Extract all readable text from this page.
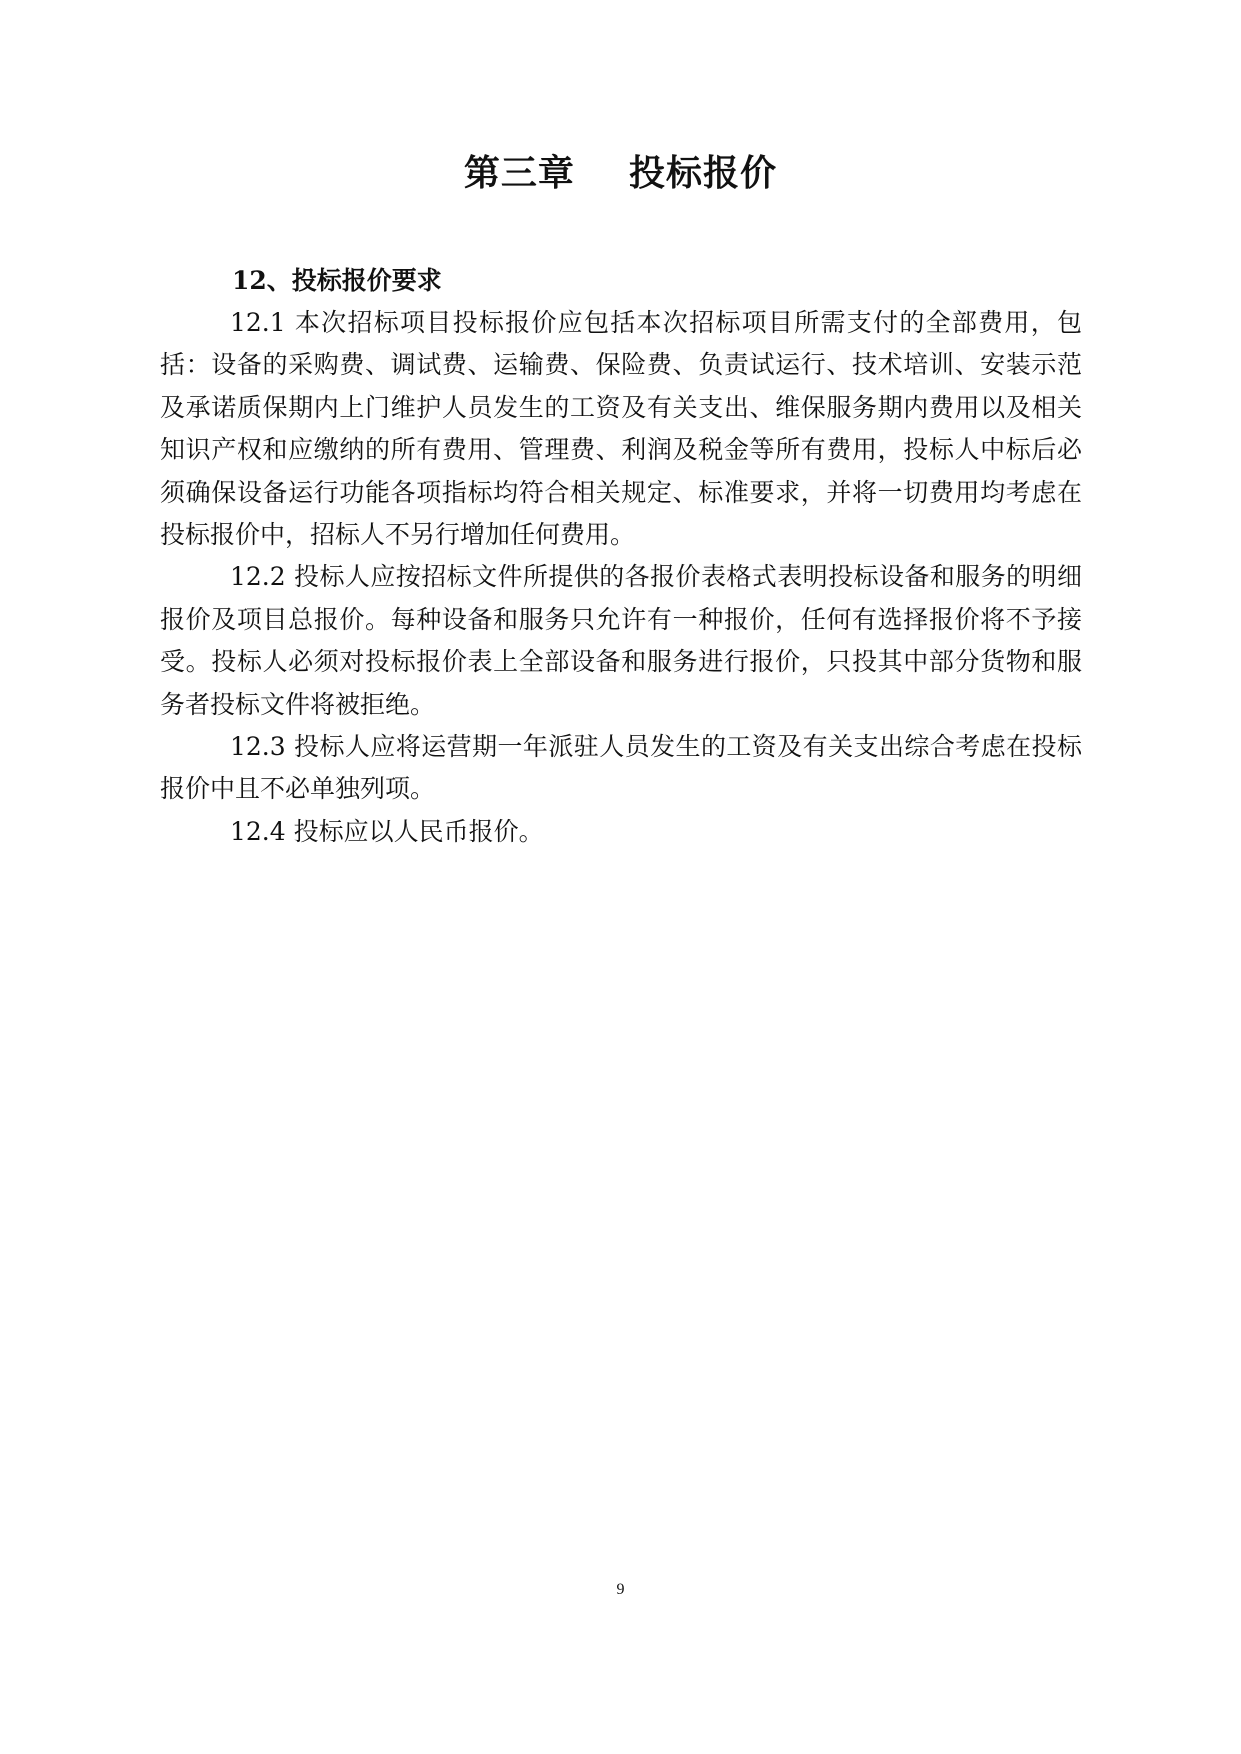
第三章    投标报价

12、投标报价要求

12.1 本次招标项目投标报价应包括本次招标项目所需支付的全部费用，包括：设备的采购费、调试费、运输费、保险费、负责试运行、技术培训、安装示范及承诺质保期内上门维护人员发生的工资及有关支出、维保服务期内费用以及相关知识产权和应缴纳的所有费用、管理费、利润及税金等所有费用，投标人中标后必须确保设备运行功能各项指标均符合相关规定、标准要求，并将一切费用均考虑在投标报价中，招标人不另行增加任何费用。

12.2 投标人应按招标文件所提供的各报价表格式表明投标设备和服务的明细报价及项目总报价。每种设备和服务只允许有一种报价，任何有选择报价将不予接受。投标人必须对投标报价表上全部设备和服务进行报价，只投其中部分货物和服务者投标文件将被拒绝。

12.3 投标人应将运营期一年派驻人员发生的工资及有关支出综合考虑在投标报价中且不必单独列项。

12.4 投标应以人民币报价。

9
